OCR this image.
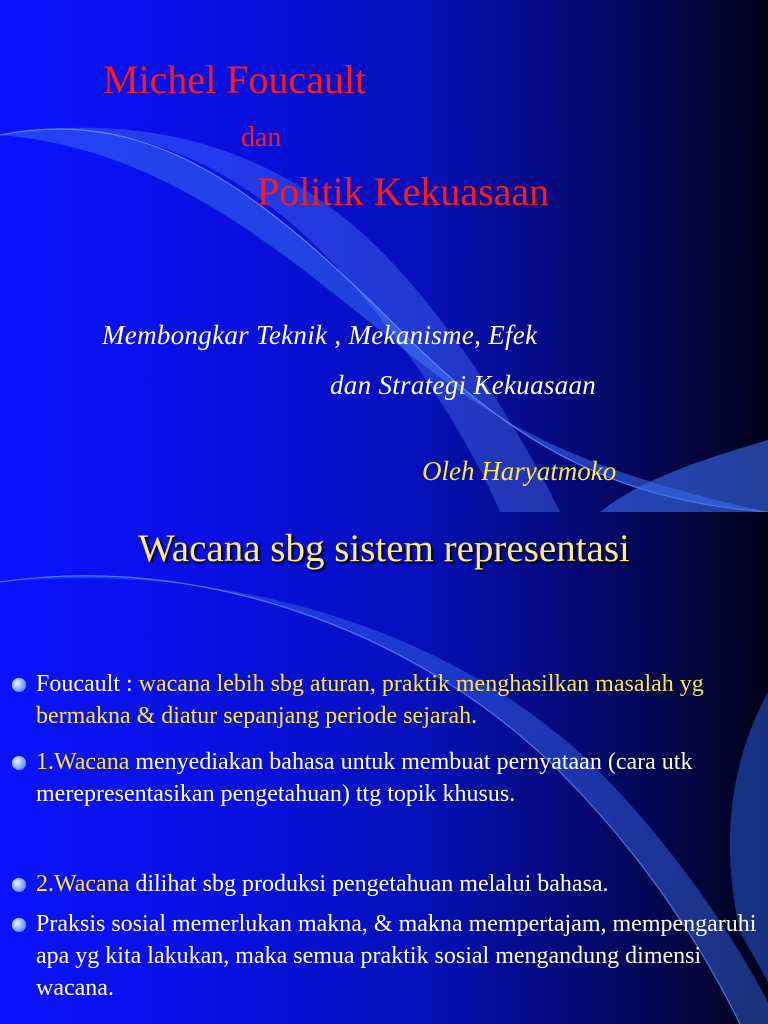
Michel Foucault
dan
Politik Kekuasaan
Membongkar Teknik , Mekanisme, Efek
dan Strategi Kekuasaan
Oleh Haryatmoko
Wacana sbg sistem representasi
Foucault : wacana lebih sbg aturan, praktik menghasilkan masalah yg bermakna & diatur sepanjang periode sejarah.
1.Wacana menyediakan bahasa untuk membuat pernyataan (cara utk merepresentasikan pengetahuan) ttg topik khusus.
2.Wacana dilihat sbg produksi pengetahuan melalui bahasa.
Praksis sosial memerlukan makna, & makna mempertajam, mempengaruhi apa yg kita lakukan, maka semua praktik sosial mengandung dimensi wacana.
